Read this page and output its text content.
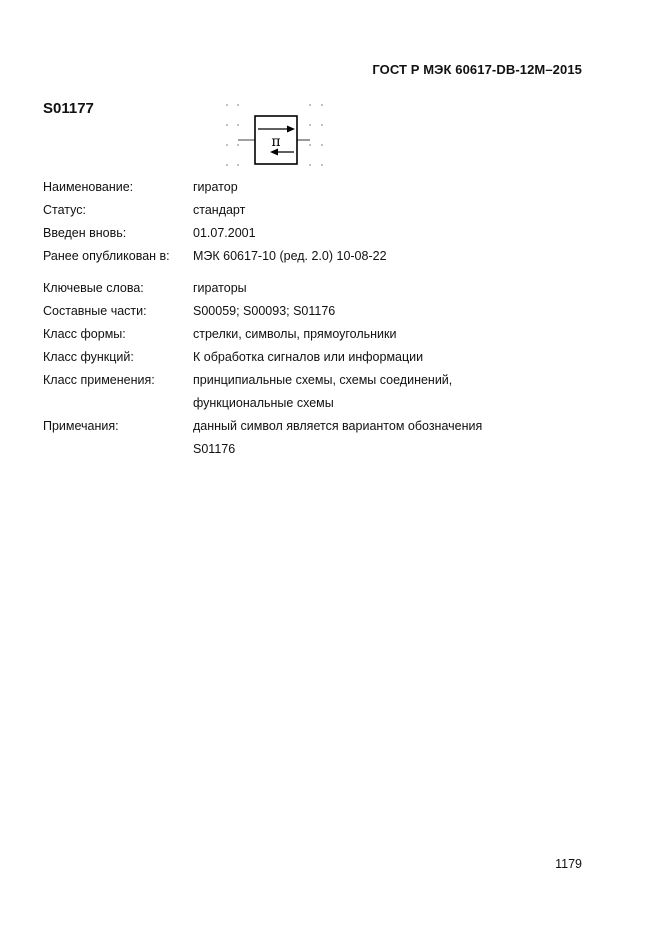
ГОСТ Р МЭК 60617-DB-12M–2015
S01177
π
Наименование:	гиратор
Статус:	стандарт
Введен вновь:	01.07.2001
Ранее опубликован в: МЭК 60617-10 (ред. 2.0) 10-08-22
Ключевые слова:	гираторы
Составные части:	S00059; S00093; S01176
Класс формы:	стрелки, символы, прямоугольники
Класс функций:	К обработка сигналов или информации
Класс применения:	принципиальные схемы, схемы соединений,
функциональные схемы
Примечания:	данный символ является вариантом обозначения
S01176
1179
